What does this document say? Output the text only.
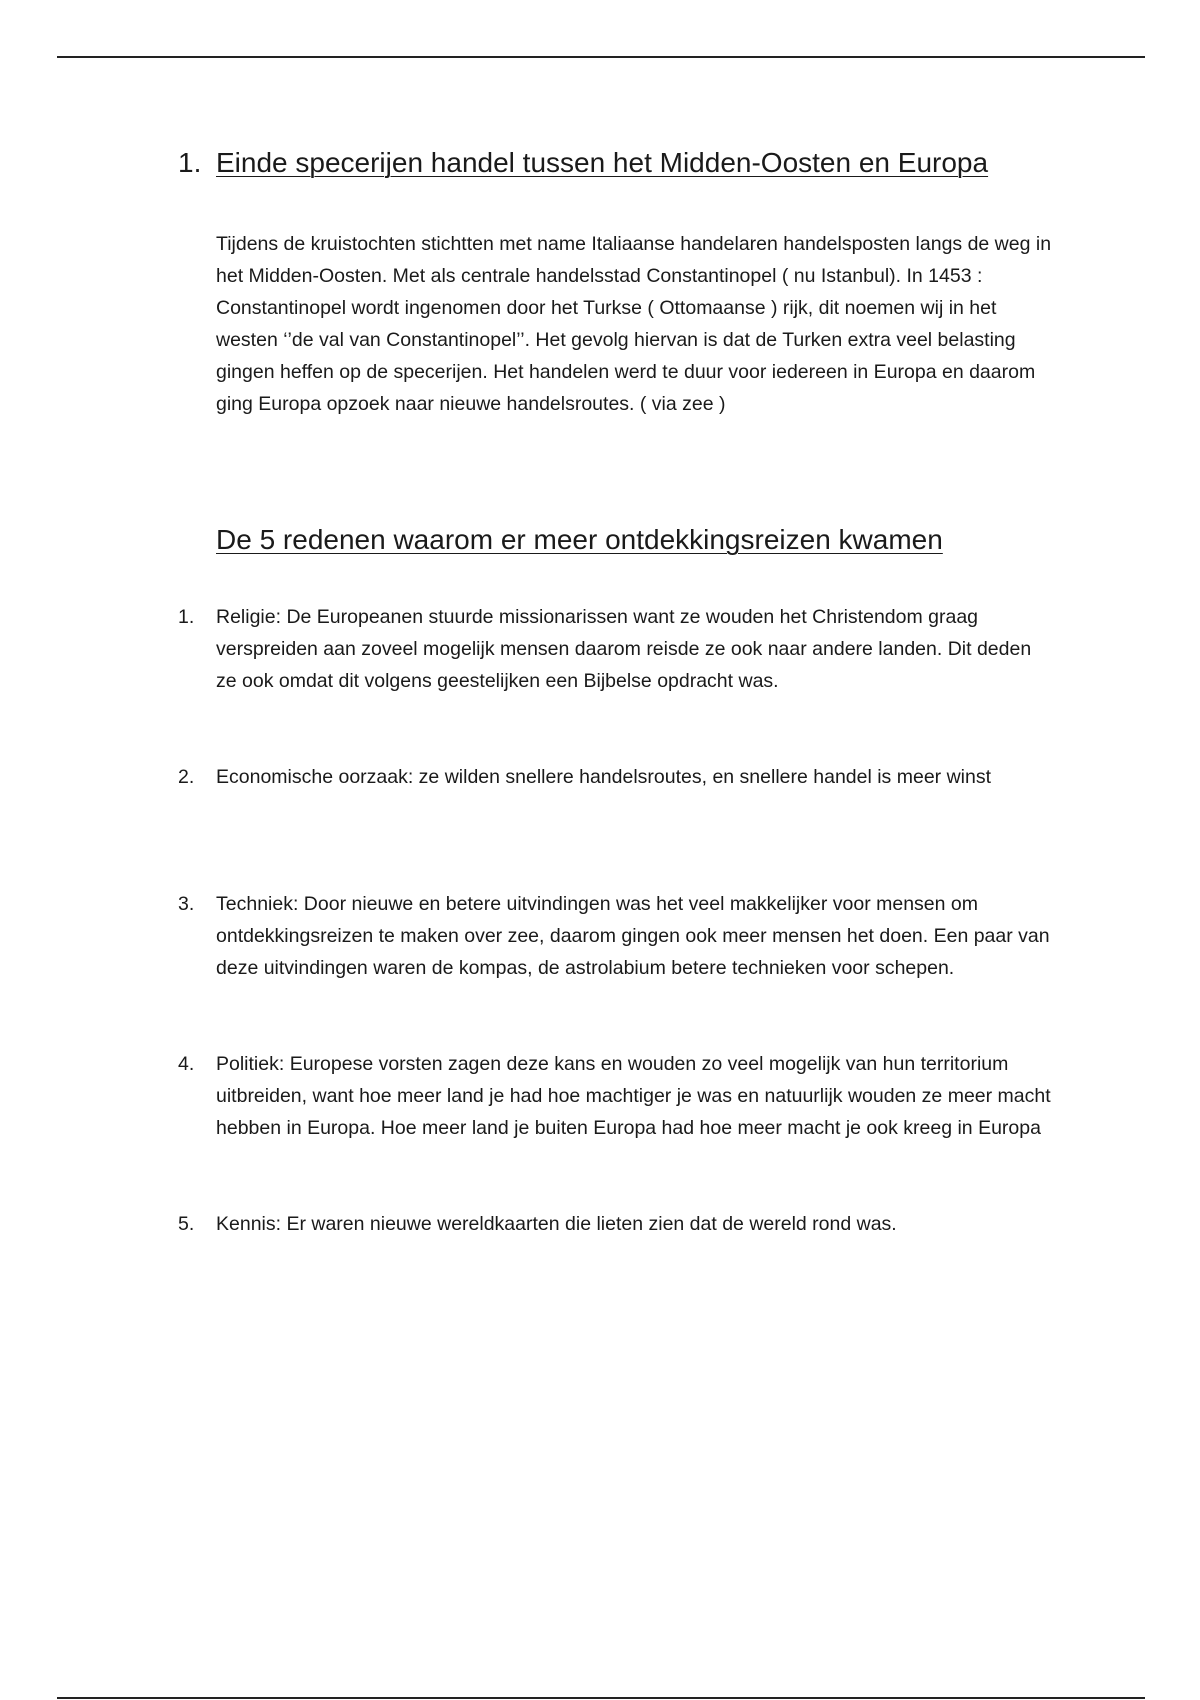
1. Einde specerijen handel tussen het Midden-Oosten en Europa
Tijdens de kruistochten stichtten met name Italiaanse handelaren handelsposten langs de weg in het Midden-Oosten. Met als centrale handelsstad Constantinopel ( nu Istanbul). In 1453 : Constantinopel wordt ingenomen door het Turkse ( Ottomaanse ) rijk, dit noemen wij in het westen ‘’de val van Constantinopel’’. Het gevolg hiervan is dat de Turken extra veel belasting gingen heffen op de specerijen. Het handelen werd te duur voor iedereen in Europa en daarom ging Europa opzoek naar nieuwe handelsroutes. ( via zee )
De 5 redenen waarom er meer ontdekkingsreizen kwamen
1.	Religie: De Europeanen stuurde missionarissen want ze wouden het Christendom graag verspreiden aan zoveel mogelijk mensen daarom reisde ze ook naar andere landen. Dit deden ze ook omdat dit volgens geestelijken een Bijbelse opdracht was.
2.	Economische oorzaak: ze wilden snellere handelsroutes, en snellere handel is meer winst
3.	Techniek: Door nieuwe en betere uitvindingen was het veel makkelijker voor mensen om ontdekkingsreizen te maken over zee, daarom gingen ook meer mensen het doen. Een paar van deze uitvindingen waren de kompas, de astrolabium betere technieken voor schepen.
4.	Politiek: Europese vorsten zagen deze kans en wouden zo veel mogelijk van hun territorium uitbreiden, want hoe meer land je had hoe machtiger je was en natuurlijk wouden ze meer macht hebben in Europa. Hoe meer land je buiten Europa had hoe meer macht je ook kreeg in Europa
5.	Kennis: Er waren nieuwe wereldkaarten die lieten zien dat de wereld rond was.
